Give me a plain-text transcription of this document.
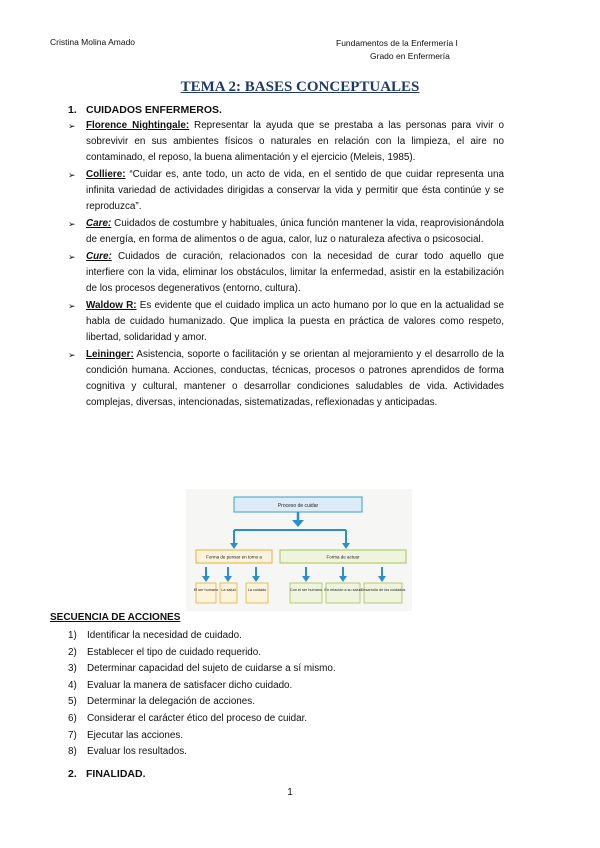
Cristina Molina Amado	Fundamentos de la Enfermería I
Grado en Enfermería
TEMA 2: BASES CONCEPTUALES
1. CUIDADOS ENFERMEROS.
➢ Florence Nightingale: Representar la ayuda que se prestaba a las personas para vivir o sobrevivir en sus ambientes físicos o naturales en relación con la limpieza, el aire no contaminado, el reposo, la buena alimentación y el ejercicio (Meleis, 1985).
➢ Colliere: “Cuidar es, ante todo, un acto de vida, en el sentido de que cuidar representa una infinita variedad de actividades dirigidas a conservar la vida y permitir que ésta continúe y se reproduzca”.
➢ Care: Cuidados de costumbre y habituales, única función mantener la vida, reaprovisionándola de energía, en forma de alimentos o de agua, calor, luz o naturaleza afectiva o psicosocial.
➢ Cure: Cuidados de curación, relacionados con la necesidad de curar todo aquello que interfiere con la vida, eliminar los obstáculos, limitar la enfermedad, asistir en la estabilización de los procesos degenerativos (entorno, cultura).
➢ Waldow R: Es evidente que el cuidado implica un acto humano por lo que en la actualidad se habla de cuidado humanizado. Que implica la puesta en práctica de valores como respeto, libertad, solidaridad y amor.
➢ Leininger: Asistencia, soporte o facilitación y se orientan al mejoramiento y el desarrollo de la condición humana. Acciones, conductas, técnicas, procesos o patrones aprendidos de forma cognitiva y cultural, mantener o desarrollar condiciones saludables de vida. Actividades complejas, diversas, intencionadas, sistematizadas, reflexionadas y anticipadas.
Proceso de cuidar
Forma de pensar en torno a	Forma de actuar
El ser humano La salud	La cuidado	Con el ser humano En relación a su salud
Desarrollo de los cuidados
SECUENCIA DE ACCIONES
1) Identificar la necesidad de cuidado.
2) Establecer el tipo de cuidado requerido.
3) Determinar capacidad del sujeto de cuidarse a sí mismo.
4) Evaluar la manera de satisfacer dicho cuidado.
5) Determinar la delegación de acciones.
6) Considerar el carácter ético del proceso de cuidar.
7) Ejecutar las acciones.
8) Evaluar los resultados.
2. FINALIDAD.
1
